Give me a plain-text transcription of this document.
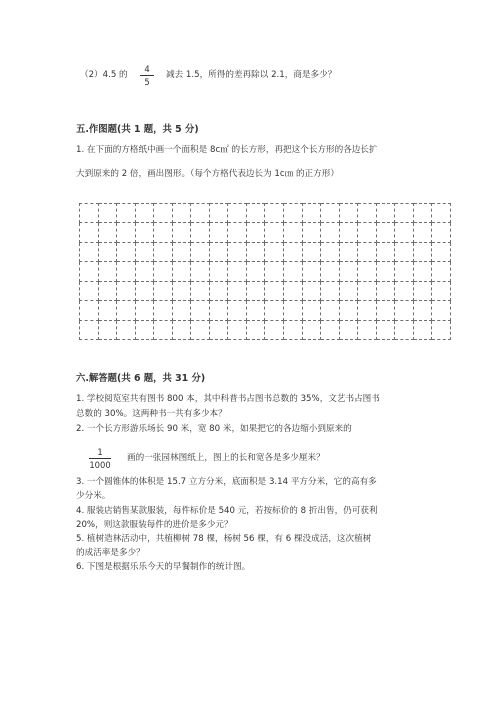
（2）4.5 的
4
5
减去 1.5，所得的差再除以 2.1，商是多少？
五.作图题(共 1 题，共 5 分)
1. 在下面的方格纸中画一个面积是 8c㎡ 的长方形，再把这个长方形的各边长扩
大到原来的 2 倍，画出图形。（每个方格代表边长为 1c㎝ 的正方形）

六.解答题(共 6 题，共 31 分)
1. 学校阅览室共有图书 800 本，其中科普书占图书总数的 35%，文艺书占图书
总数的 30%。这两种书一共有多少本？
2. 一个长方形游乐场长 90 米，宽 80 米，如果把它的各边缩小到原来的
1
1000
画的一张园林图纸上，图上的长和宽各是多少厘米？
3. 一个圆锥体的体积是 15.7 立方分米，底面积是 3.14 平方分米，它的高有多
少分米。
4. 服装店销售某款服装，每件标价是 540 元，若按标价的 8 折出售，仍可获利
20%，则这款服装每件的进价是多少元？
5. 植树造林活动中，共植柳树 78 棵，杨树 56 棵，有 6 棵没成活，这次植树
的成活率是多少？
6. 下图是根据乐乐今天的早餐制作的统计图。
